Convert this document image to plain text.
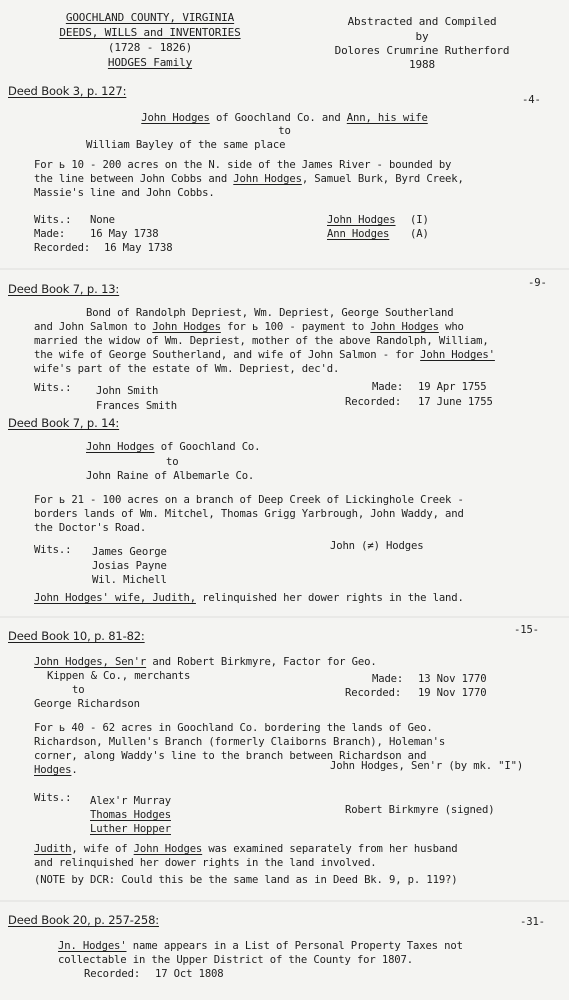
GOOCHLAND COUNTY, VIRGINIA
DEEDS, WILLS and INVENTORIES
(1728 - 1826)
HODGES Family
Abstracted and Compiled
by
Dolores Crumrine Rutherford
1988
Deed Book 3, p. 127:
-4-
John Hodges of Goochland Co. and Ann, his wife
to
William Bayley of the same place
For ь 10 - 200 acres on the N. side of the James River - bounded by
the line between John Cobbs and John Hodges, Samuel Burk, Byrd Creek,
Massie's line and John Cobbs.
Wits.: None
Made: 16 May 1738
Recorded: 16 May 1738
John Hodges (I)
Ann Hodges (A)
Deed Book 7, p. 13:	-9-
Bond of Randolph Depriest, Wm. Depriest, George Southerland
and John Salmon to John Hodges for ь 100 - payment to John Hodges who
married the widow of Wm. Depriest, mother of the above Randolph, William,
the wife of George Southerland, and wife of John Salmon - for John Hodges'
wife's part of the estate of Wm. Depriest, dec'd.
Wits.: John Smith
Frances Smith
Made: 19 Apr 1755
Recorded: 17 June 1755
Deed Book 7, p. 14:
John Hodges of Goochland Co.
to
John Raine of Albemarle Co.
For ь 21 - 100 acres on a branch of Deep Creek of Lickinghole Creek -
borders lands of Wm. Mitchel, Thomas Grigg Yarbrough, John Waddy, and
the Doctor's Road.
Wits.: James George
Josias Payne
Wil. Michell
John (≠) Hodges
John Hodges' wife, Judith, relinquished her dower rights in the land.
Deed Book 10, p. 81-82:	-15-
John Hodges, Sen'r and Robert Birkmyre, Factor for Geo.
Kippen & Co., merchants
to
George Richardson
Made: 13 Nov 1770
Recorded: 19 Nov 1770
For ь 40 - 62 acres in Goochland Co. bordering the lands of Geo.
Richardson, Mullen's Branch (formerly Claiborns Branch), Holeman's
corner, along Waddy's line to the branch between Richardson and
Hodges.	John Hodges, Sen'r (by mk. "I")
Wits.: Alex'r Murray
Thomas Hodges
Luther Hopper
Robert Birkmyre (signed)
Judith, wife of John Hodges was examined separately from her husband
and relinquished her dower rights in the land involved.
(NOTE by DCR: Could this be the same land as in Deed Bk. 9, p. 119?)
Deed Book 20, p. 257-258:	-31-
Jn. Hodges' name appears in a List of Personal Property Taxes not
collectable in the Upper District of the County for 1807.
Recorded: 17 Oct 1808
